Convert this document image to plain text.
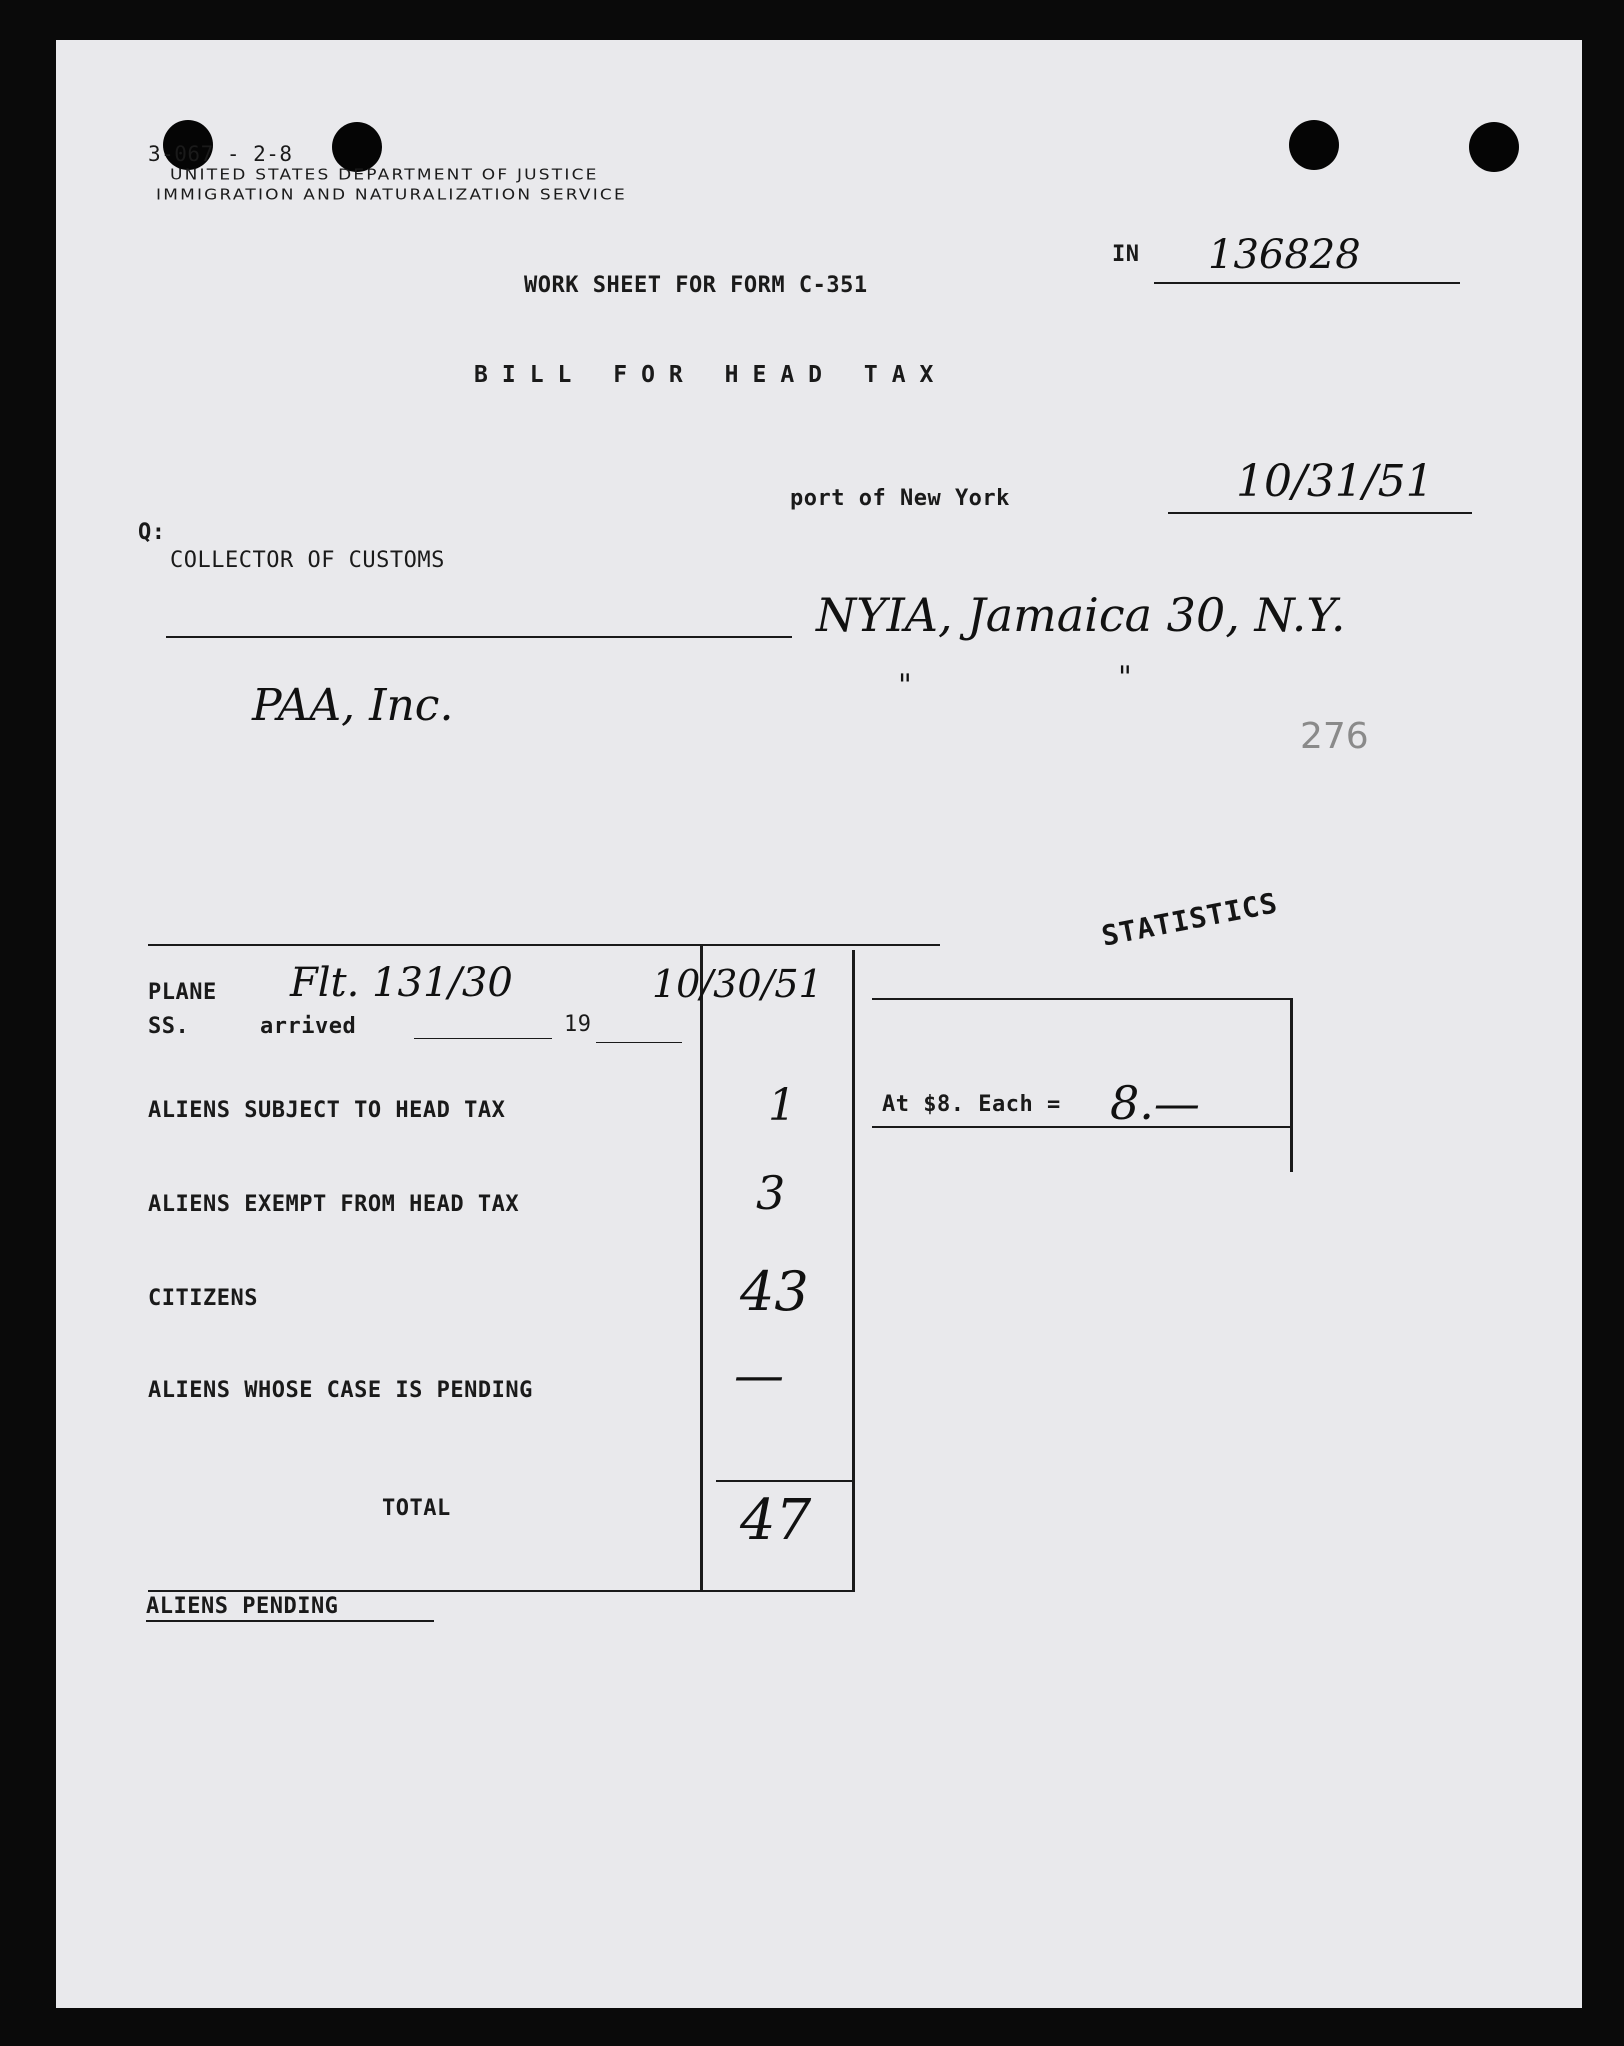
3-067 - 2-8
UNITED STATES DEPARTMENT OF JUSTICE
IMMIGRATION AND NATURALIZATION SERVICE
IN 136828
WORK SHEET FOR FORM C-351
BILL FOR HEAD TAX
port of New York	10/31/51
Q:
COLLECTOR OF CUSTOMS
NYIA, Jamaica 30, N.Y.
"	"
PAA, Inc.
276
STATISTICS
PLANE
SS.	arrived	19
Flt. 131/30	10/30/51
ALIENS SUBJECT TO HEAD TAX	1
ALIENS EXEMPT FROM HEAD TAX	3
CITIZENS	43
ALIENS WHOSE CASE IS PENDING	—
TOTAL	47
At $8. Each = 8.—
ALIENS PENDING
